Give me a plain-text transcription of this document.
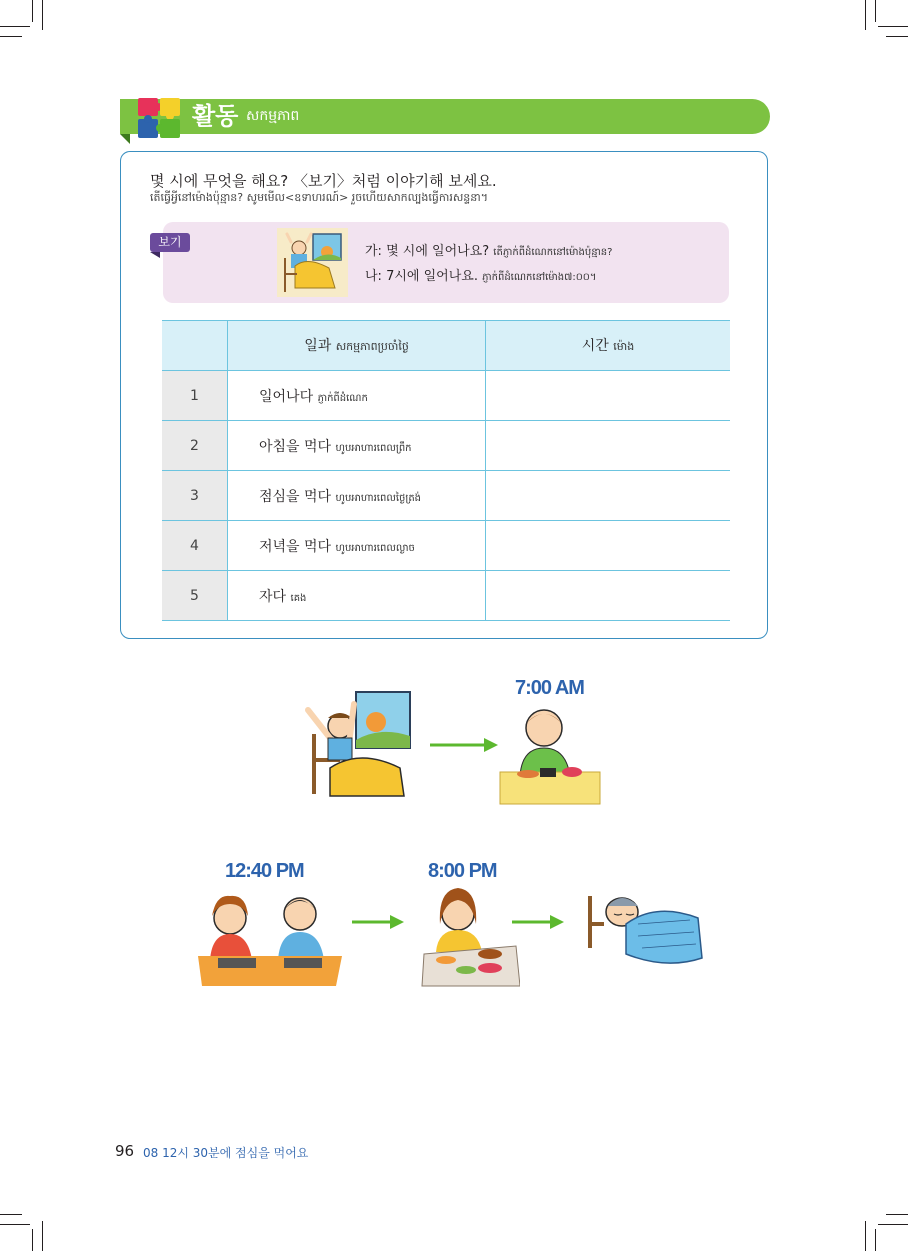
활동 សកម្មភាព
몇 시에 무엇을 해요? 〈보기〉처럼 이야기해 보세요.
តើធ្វើអ្វីនៅម៉ោងប៉ុន្មាន? សូមមើល<ឧទាហរណ៍> រួចហើយសាកល្បងធ្វើការសន្ទនា។
보기
가: 몇 시에 일어나요? តើភ្ញាក់ពីដំណេកនៅម៉ោងប៉ុន្មាន?
나: 7시에 일어나요. ភ្ញាក់ពីដំណេកនៅម៉ោង៧:០០។
	일과 សកម្មភាពប្រចាំថ្ងៃ	시간 ម៉ោង
1	일어나다 ភ្ញាក់ពីដំណេក	
2	아침을 먹다 ហូបអាហារពេលព្រឹក	
3	점심을 먹다 ហូបអាហារពេលថ្ងៃត្រង់	
4	저녁을 먹다 ហូបអាហារពេលល្ងាច	
5	자다 គេង	
7:00 AM
12:40 PM	8:00 PM
96 08 12시 30분에 점심을 먹어요
